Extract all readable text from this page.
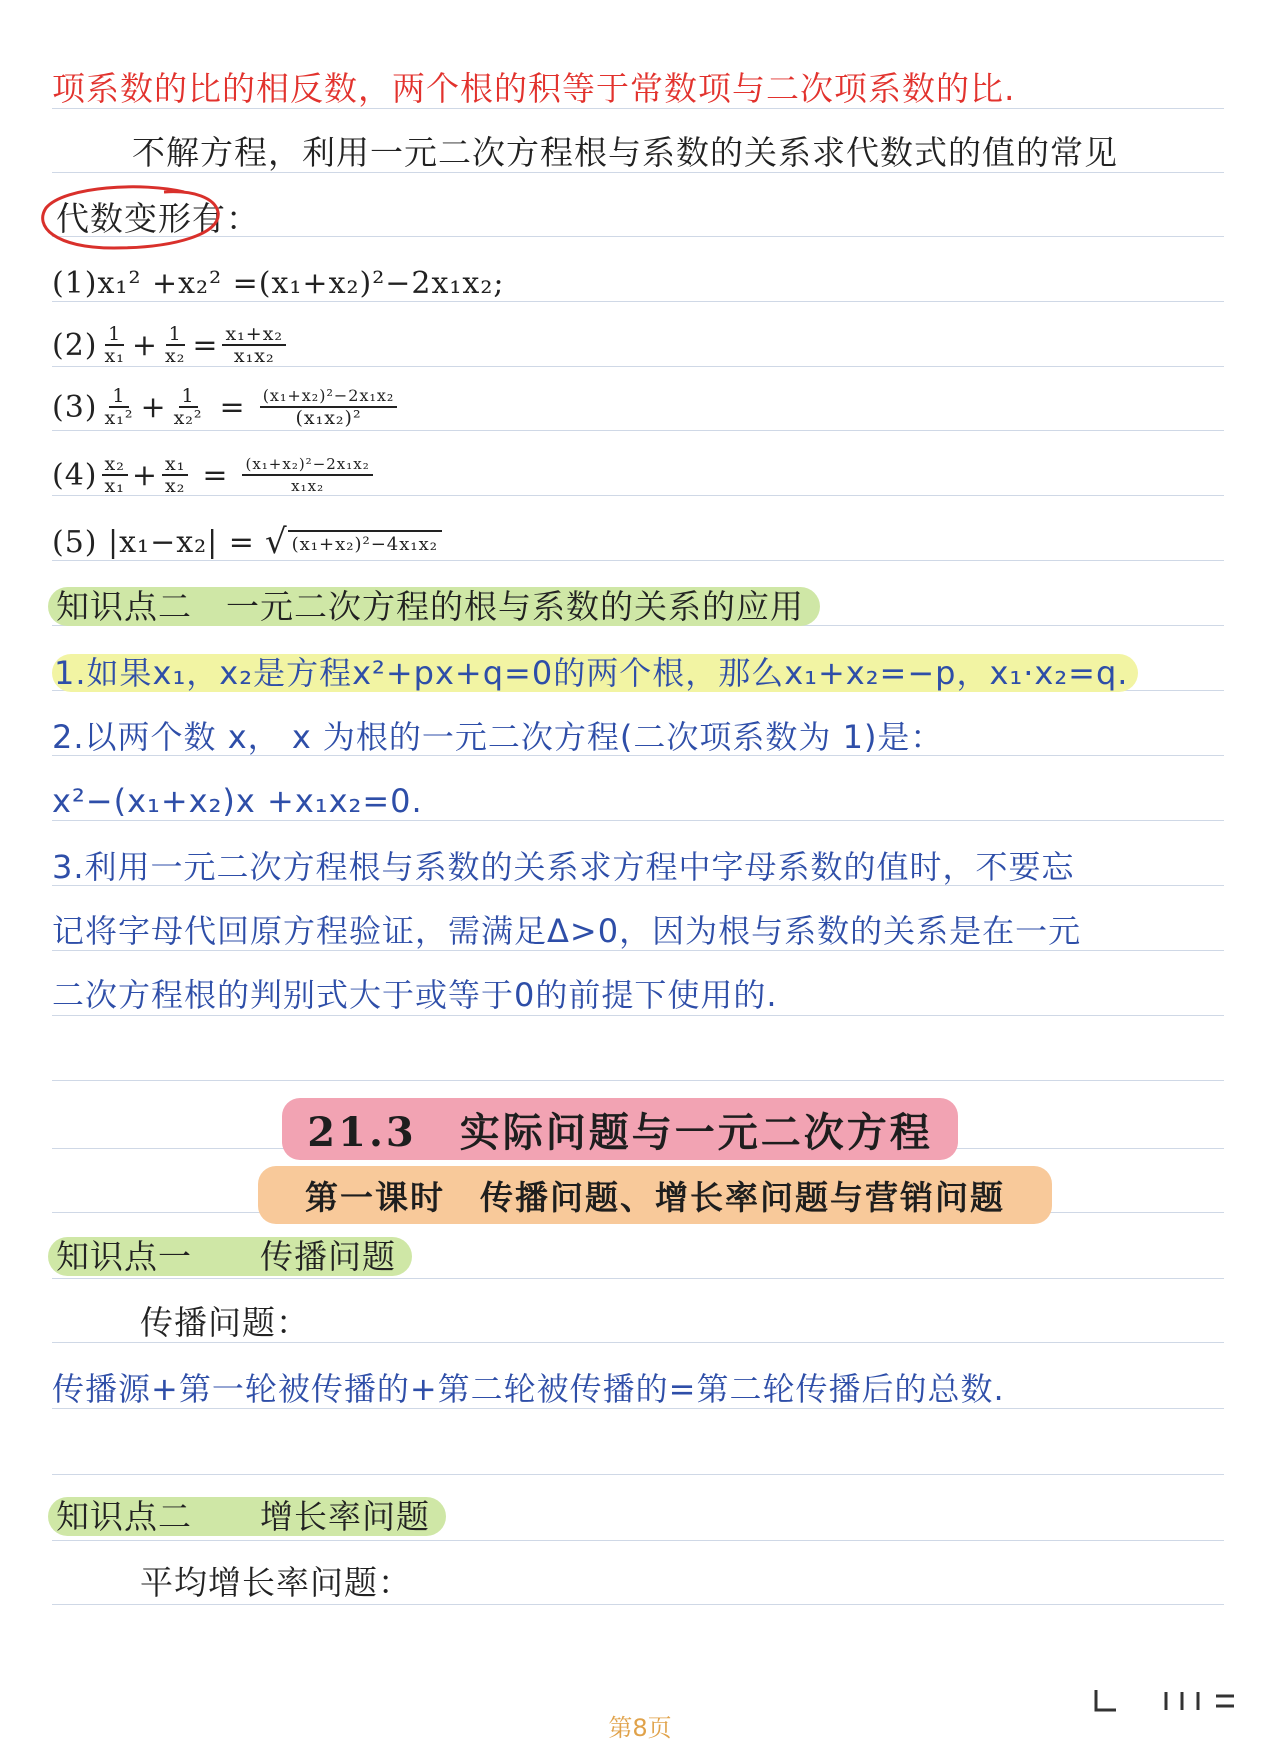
项系数的比的相反数，两个根的积等于常数项与二次项系数的比.
不解方程，利用一元二次方程根与系数的关系求代数式的值的常见
代数变形有：
(1)x₁² +x₂² =(x₁+x₂)²−2x₁x₂;
$(2) \frac{1}{\text{x₁}} + \frac{1}{\text{x₂}} = \frac{\text{x₁+x₂}}{\text{x₁x₂}}$
$(3) \frac{1}{\text{x₁²}} + \frac{1}{\text{x₂²}} = \frac{\text{(x₁+x₂)²−2x₁x₂}}{\text{(x₁x₂)²}}$
$(4) \frac{\text{x₂}}{\text{x₁}} + \frac{\text{x₁}}{\text{x₂}} = \frac{\text{(x₁+x₂)²−2x₁x₂}}{\text{x₁x₂}}$
(5) |x₁−x₂| = √ (x₁+x₂)²−4x₁x₂
知识点二　一元二次方程的根与系数的关系的应用
1.如果x₁，x₂是方程x²+px+q=0的两个根，那么x₁+x₂=−p，x₁·x₂=q.
2.以两个数 x， x 为根的一元二次方程(二次项系数为 1)是：
x²−(x₁+x₂)x +x₁x₂=0.
3.利用一元二次方程根与系数的关系求方程中字母系数的值时，不要忘
记将字母代回原方程验证，需满足Δ>0，因为根与系数的关系是在一元
二次方程根的判别式大于或等于0的前提下使用的.
21.3　实际问题与一元二次方程
第一课时　传播问题、增长率问题与营销问题
知识点一　　传播问题
传播问题：
传播源+第一轮被传播的+第二轮被传播的=第二轮传播后的总数.
知识点二　　增长率问题
平均增长率问题：
第8页
